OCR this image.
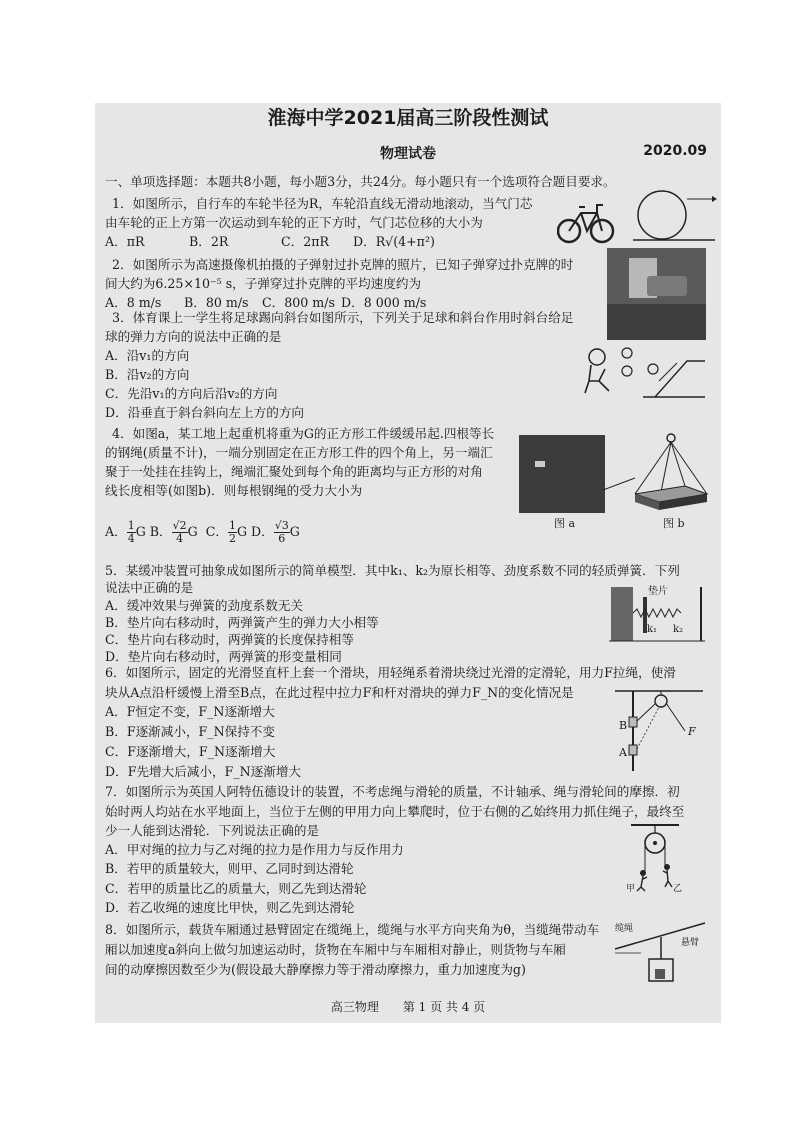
淮海中学2021届高三阶段性测试
物理试卷	2020.09
一、单项选择题：本题共8小题，每小题3分，共24分。每小题只有一个选项符合题目要求。
1．如图所示，自行车的车轮半径为R，车轮沿直线无滑动地滚动，当气门芯
由车轮的正上方第一次运动到车轮的正下方时，气门芯位移的大小为
A．πR	B．2R	C．2πR D．R√(4+π²)
2．如图所示为高速摄像机拍摄的子弹射过扑克牌的照片，已知子弹穿过扑克牌的时
间大约为6.25×10⁻⁵ s，子弹穿过扑克牌的平均速度约为
A．8 m/s B．80 m/s C．800 m/s D．8 000 m/s
3．体育课上一学生将足球踢向斜台如图所示，下列关于足球和斜台作用时斜台给足
球的弹力方向的说法中正确的是
A．沿v₁的方向
B．沿v₂的方向
C．先沿v₁的方向后沿v₂的方向
D．沿垂直于斜台斜向左上方的方向
4．如图a，某工地上起重机将重为G的正方形工件缓缓吊起.四根等长
的钢绳(质量不计)，一端分别固定在正方形工件的四个角上，另一端汇
聚于一处挂在挂钩上，绳端汇聚处到每个角的距离均与正方形的对角
线长度相等(如图b)．则每根钢绳的受力大小为
A． $\frac{1}{4}$ G B． $\frac{√2}{4}$ G C． $\frac{1}{2}$ G D． $\frac{√3}{6}$ G
图 a	图 b
5．某缓冲装置可抽象成如图所示的简单模型．其中k₁、k₂为原长相等、劲度系数不同的轻质弹簧．下列
说法中正确的是
A．缓冲效果与弹簧的劲度系数无关
B．垫片向右移动时，两弹簧产生的弹力大小相等
C．垫片向右移动时，两弹簧的长度保持相等
D．垫片向右移动时，两弹簧的形变量相同
垫片
k₁ k₂
6．如图所示，固定的光滑竖直杆上套一个滑块，用轻绳系着滑块绕过光滑的定滑轮，用力F拉绳，使滑
块从A点沿杆缓慢上滑至B点，在此过程中拉力F和杆对滑块的弹力F_N的变化情况是
A．F恒定不变，F_N逐渐增大
B．F逐渐减小，F_N保持不变
C．F逐渐增大，F_N逐渐增大
D．F先增大后减小，F_N逐渐增大
B
A
F
7．如图所示为英国人阿特伍德设计的装置，不考虑绳与滑轮的质量，不计轴承、绳与滑轮间的摩擦．初
始时两人均站在水平地面上，当位于左侧的甲用力向上攀爬时，位于右侧的乙始终用力抓住绳子，最终至
少一人能到达滑轮．下列说法正确的是
A．甲对绳的拉力与乙对绳的拉力是作用力与反作用力
B．若甲的质量较大，则甲、乙同时到达滑轮
C．若甲的质量比乙的质量大，则乙先到达滑轮
D．若乙收绳的速度比甲快，则乙先到达滑轮
甲	乙
8．如图所示，载货车厢通过悬臂固定在缆绳上，缆绳与水平方向夹角为θ，当缆绳带动车
厢以加速度a斜向上做匀加速运动时，货物在车厢中与车厢相对静止，则货物与车厢
间的动摩擦因数至少为(假设最大静摩擦力等于滑动摩擦力，重力加速度为g)
缆绳
悬臂
高三物理　　第 1 页 共 4 页
